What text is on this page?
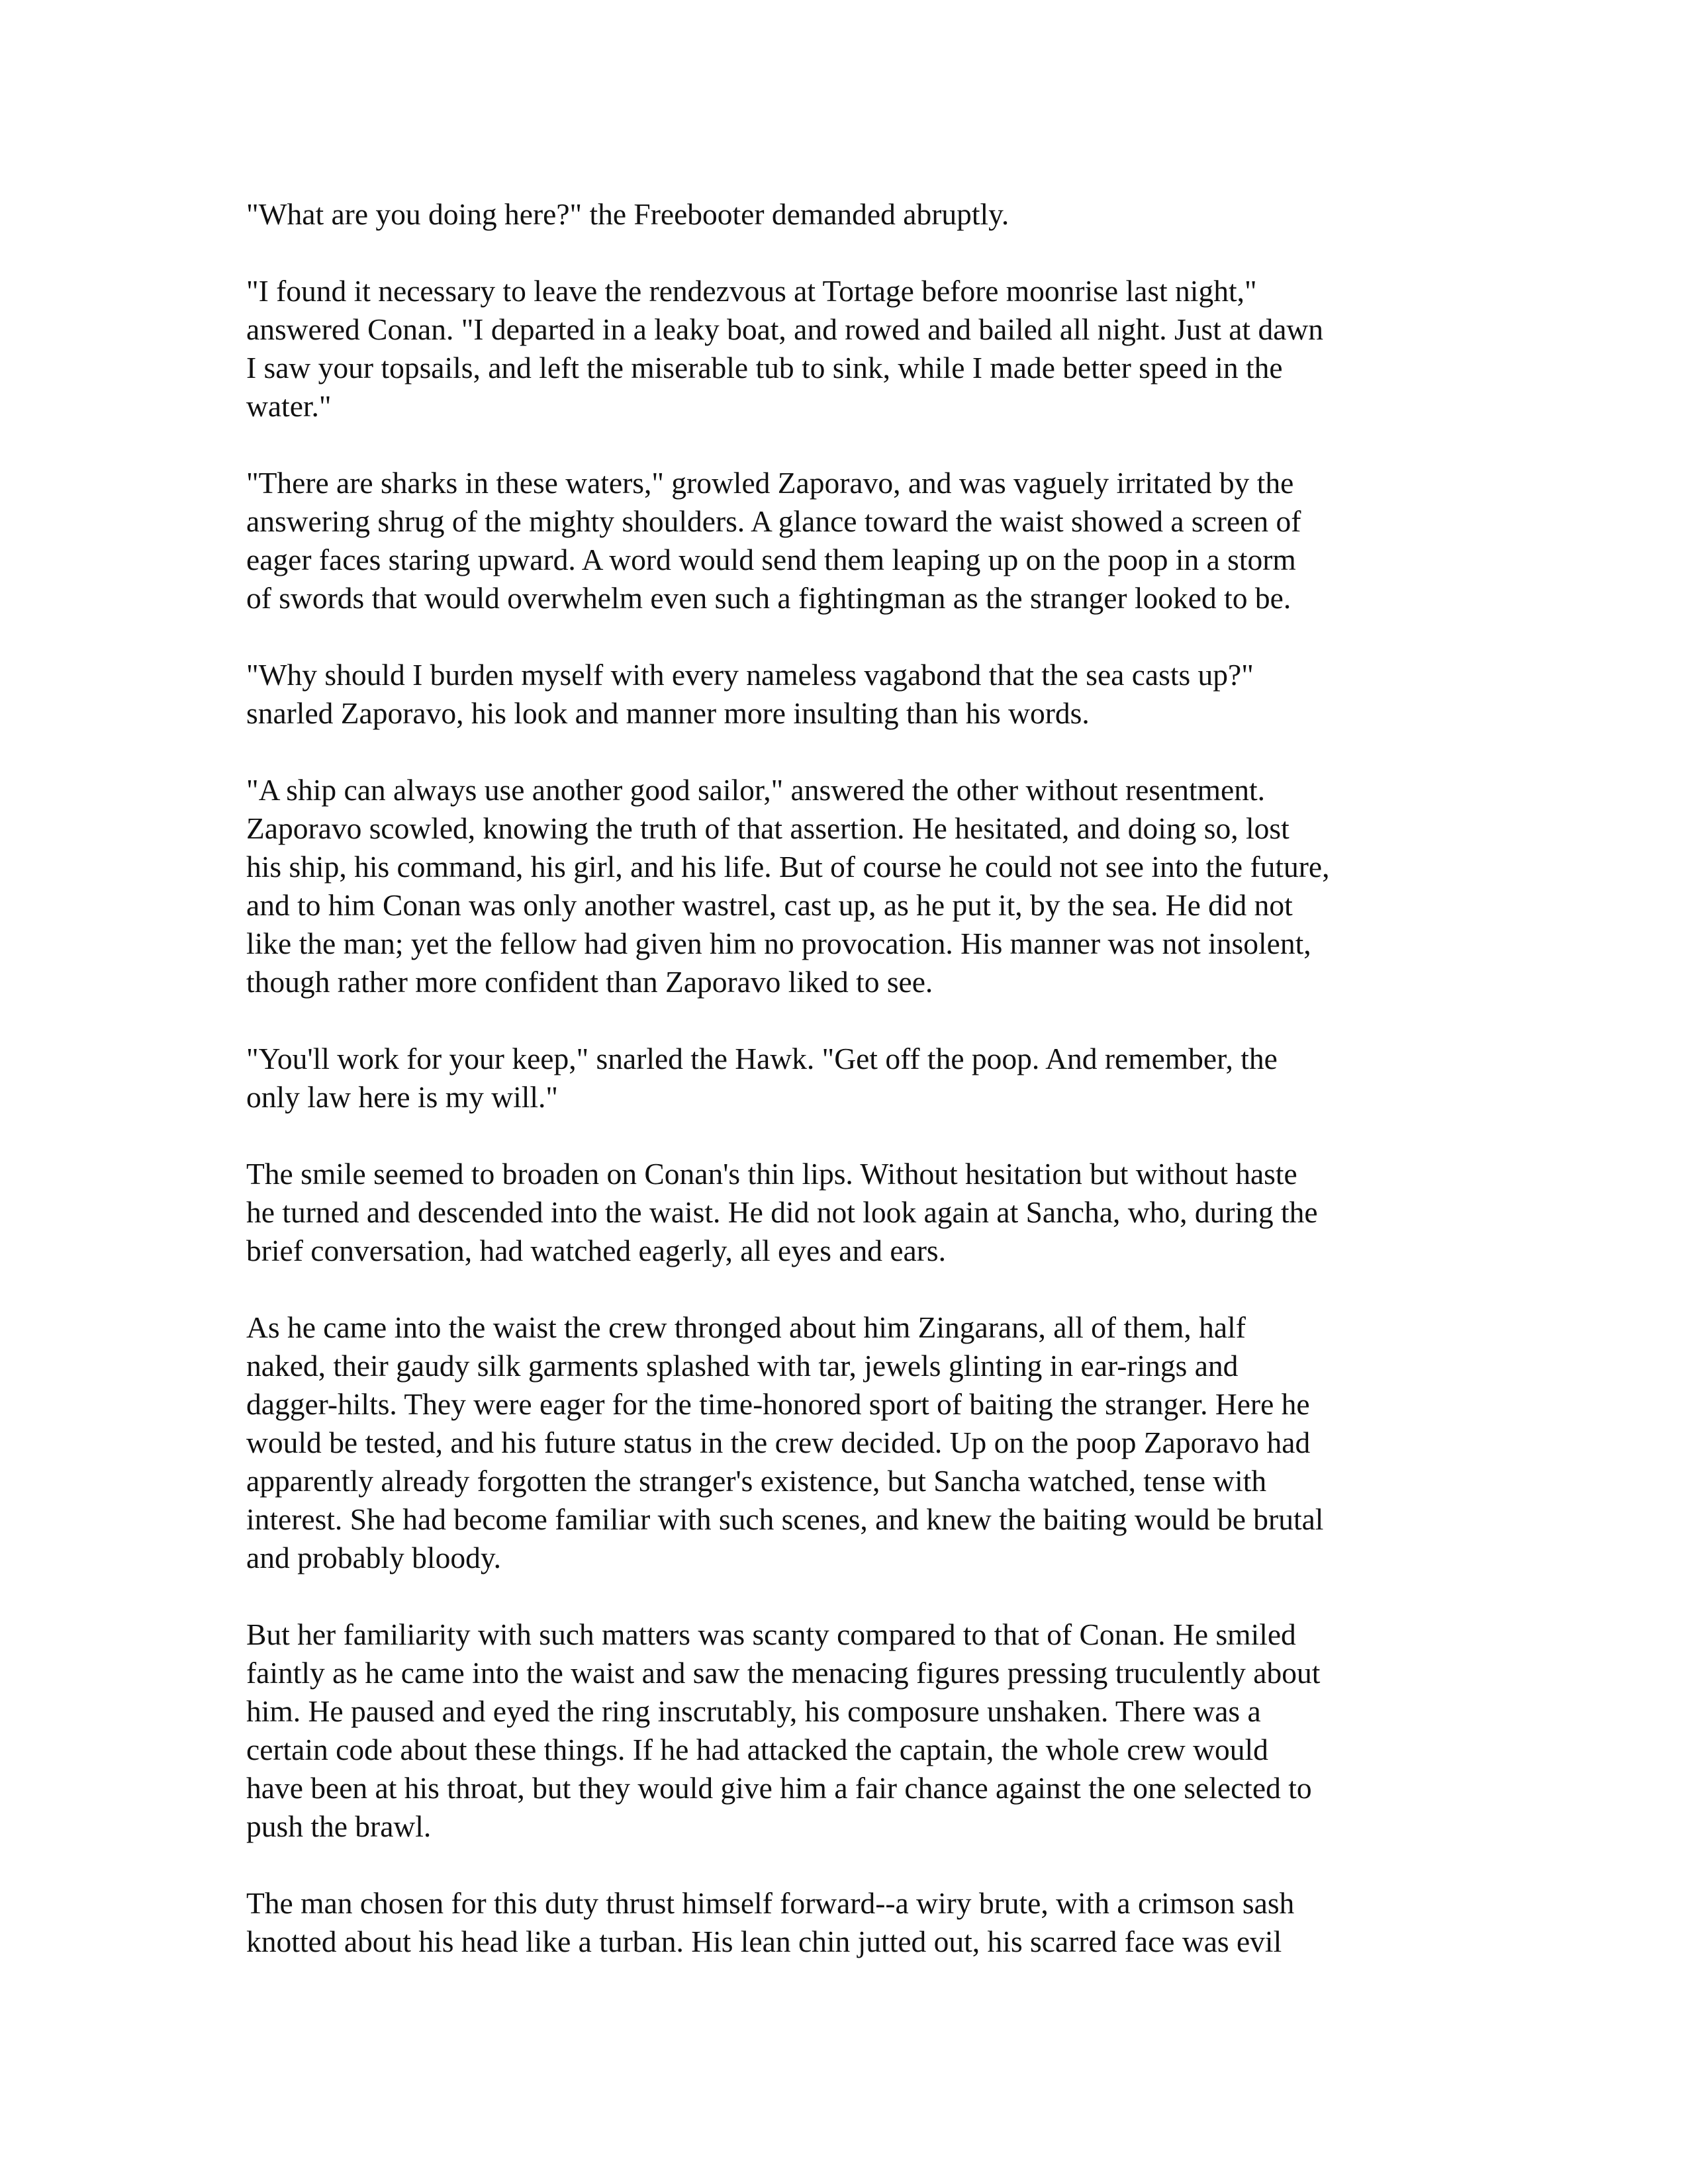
"What are you doing here?" the Freebooter demanded abruptly.

"I found it necessary to leave the rendezvous at Tortage before moonrise last night,"
answered Conan. "I departed in a leaky boat, and rowed and bailed all night. Just at dawn
I saw your topsails, and left the miserable tub to sink, while I made better speed in the
water."

"There are sharks in these waters," growled Zaporavo, and was vaguely irritated by the
answering shrug of the mighty shoulders. A glance toward the waist showed a screen of
eager faces staring upward. A word would send them leaping up on the poop in a storm
of swords that would overwhelm even such a fightingman as the stranger looked to be.

"Why should I burden myself with every nameless vagabond that the sea casts up?"
snarled Zaporavo, his look and manner more insulting than his words.

"A ship can always use another good sailor," answered the other without resentment.
Zaporavo scowled, knowing the truth of that assertion. He hesitated, and doing so, lost
his ship, his command, his girl, and his life. But of course he could not see into the future,
and to him Conan was only another wastrel, cast up, as he put it, by the sea. He did not
like the man; yet the fellow had given him no provocation. His manner was not insolent,
though rather more confident than Zaporavo liked to see.

"You'll work for your keep," snarled the Hawk. "Get off the poop. And remember, the
only law here is my will."

The smile seemed to broaden on Conan's thin lips. Without hesitation but without haste
he turned and descended into the waist. He did not look again at Sancha, who, during the
brief conversation, had watched eagerly, all eyes and ears.

As he came into the waist the crew thronged about him Zingarans, all of them, half
naked, their gaudy silk garments splashed with tar, jewels glinting in ear-rings and
dagger-hilts. They were eager for the time-honored sport of baiting the stranger. Here he
would be tested, and his future status in the crew decided. Up on the poop Zaporavo had
apparently already forgotten the stranger's existence, but Sancha watched, tense with
interest. She had become familiar with such scenes, and knew the baiting would be brutal
and probably bloody.

But her familiarity with such matters was scanty compared to that of Conan. He smiled
faintly as he came into the waist and saw the menacing figures pressing truculently about
him. He paused and eyed the ring inscrutably, his composure unshaken. There was a
certain code about these things. If he had attacked the captain, the whole crew would
have been at his throat, but they would give him a fair chance against the one selected to
push the brawl.

The man chosen for this duty thrust himself forward--a wiry brute, with a crimson sash
knotted about his head like a turban. His lean chin jutted out, his scarred face was evil
